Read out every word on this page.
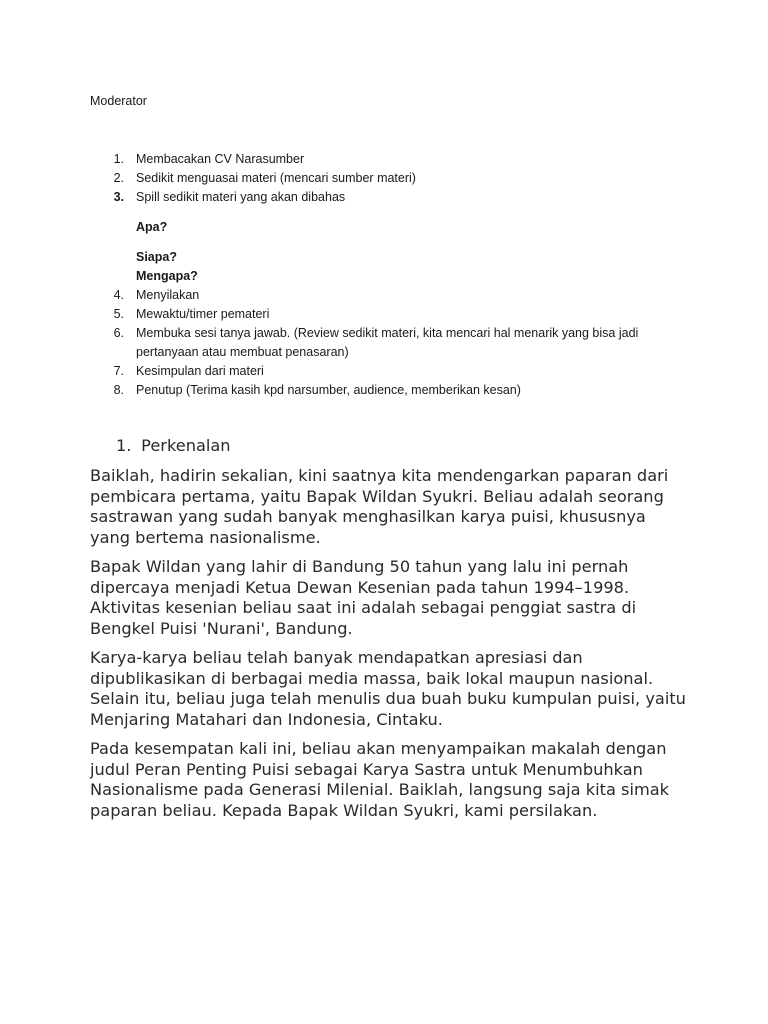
Moderator
1. Membacakan CV Narasumber
2. Sedikit menguasai materi (mencari sumber materi)
3. Spill sedikit materi yang akan dibahas
Apa?
Siapa?
Mengapa?
4. Menyilakan
5. Mewaktu/timer pemateri
6. Membuka sesi tanya jawab. (Review sedikit materi, kita mencari hal menarik yang bisa jadi
pertanyaan atau membuat penasaran)
7. Kesimpulan dari materi
8. Penutup (Terima kasih kpd narsumber, audience, memberikan kesan)
1. Perkenalan

Baiklah, hadirin sekalian, kini saatnya kita mendengarkan paparan dari pembicara pertama, yaitu Bapak Wildan Syukri. Beliau adalah seorang sastrawan yang sudah banyak menghasilkan karya puisi, khususnya yang bertema nasionalisme.

Bapak Wildan yang lahir di Bandung 50 tahun yang lalu ini pernah dipercaya menjadi Ketua Dewan Kesenian pada tahun 1994–1998. Aktivitas kesenian beliau saat ini adalah sebagai penggiat sastra di Bengkel Puisi 'Nurani', Bandung.

Karya-karya beliau telah banyak mendapatkan apresiasi dan dipublikasikan di berbagai media massa, baik lokal maupun nasional. Selain itu, beliau juga telah menulis dua buah buku kumpulan puisi, yaitu Menjaring Matahari dan Indonesia, Cintaku.

Pada kesempatan kali ini, beliau akan menyampaikan makalah dengan judul Peran Penting Puisi sebagai Karya Sastra untuk Menumbuhkan Nasionalisme pada Generasi Milenial. Baiklah, langsung saja kita simak paparan beliau. Kepada Bapak Wildan Syukri, kami persilakan.
